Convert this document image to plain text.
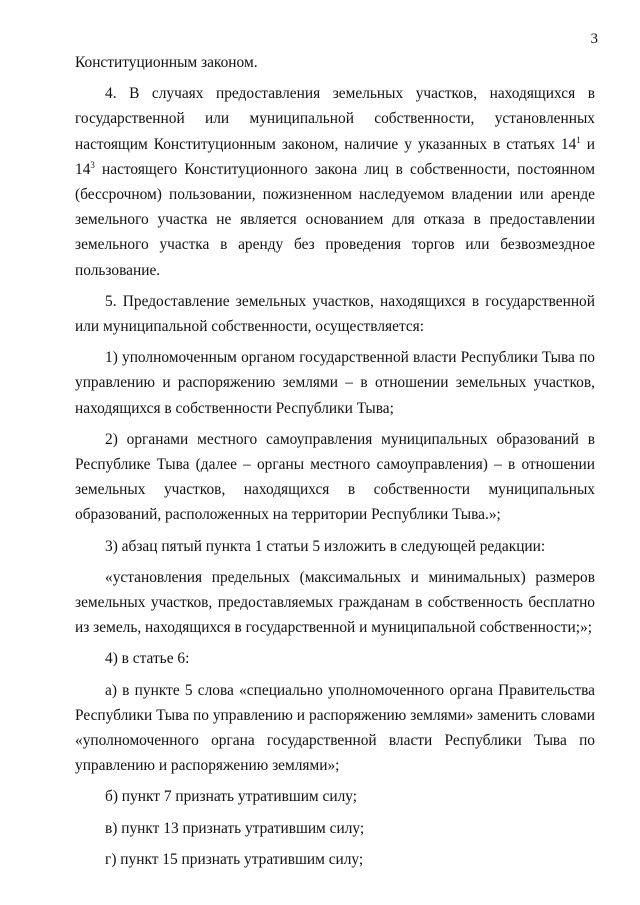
3

Конституционным законом.

4. В случаях предоставления земельных участков, находящихся в государственной или муниципальной собственности, установленных настоящим Конституционным законом, наличие у указанных в статьях $14^1$ и $14^3$ настоящего Конституционного закона лиц в собственности, постоянном (бессрочном) пользовании, пожизненном наследуемом владении или аренде земельного участка не является основанием для отказа в предоставлении земельного участка в аренду без проведения торгов или безвозмездное пользование.

5. Предоставление земельных участков, находящихся в государственной или муниципальной собственности, осуществляется:

1) уполномоченным органом государственной власти Республики Тыва по управлению и распоряжению землями – в отношении земельных участков, находящихся в собственности Республики Тыва;

2) органами местного самоуправления муниципальных образований в Республике Тыва (далее – органы местного самоуправления) – в отношении земельных участков, находящихся в собственности муниципальных образований, расположенных на территории Республики Тыва.»;

3) абзац пятый пункта 1 статьи 5 изложить в следующей редакции:

«установления предельных (максимальных и минимальных) размеров земельных участков, предоставляемых гражданам в собственность бесплатно из земель, находящихся в государственной и муниципальной собственности;»;

4) в статье 6:

а) в пункте 5 слова «специально уполномоченного органа Правительства Республики Тыва по управлению и распоряжению землями» заменить словами «уполномоченного органа государственной власти Республики Тыва по управлению и распоряжению землями»;

б) пункт 7 признать утратившим силу;

в) пункт 13 признать утратившим силу;

г) пункт 15 признать утратившим силу;
